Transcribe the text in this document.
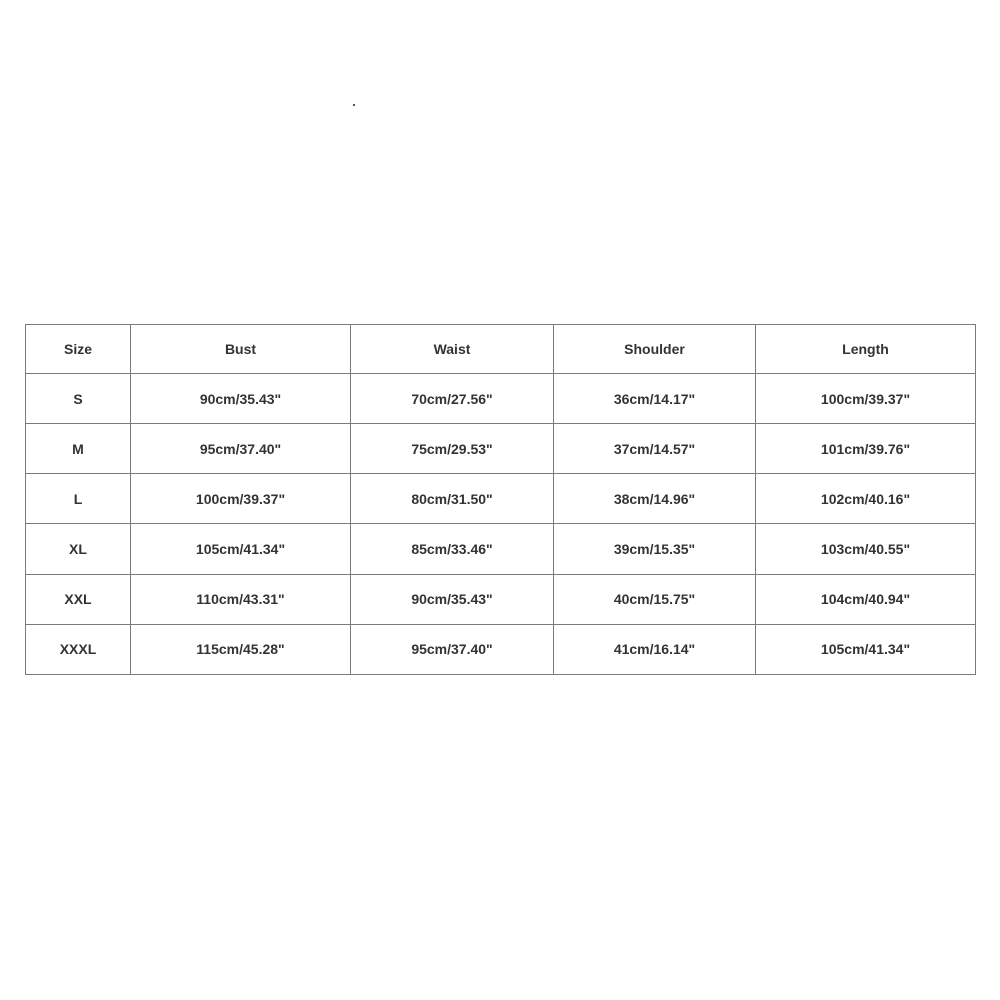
Size	Bust	Waist	Shoulder	Length
S	90cm/35.43"	70cm/27.56"	36cm/14.17"	100cm/39.37"
M	95cm/37.40"	75cm/29.53"	37cm/14.57"	101cm/39.76"
L	100cm/39.37"	80cm/31.50"	38cm/14.96"	102cm/40.16"
XL	105cm/41.34"	85cm/33.46"	39cm/15.35"	103cm/40.55"
XXL	110cm/43.31"	90cm/35.43"	40cm/15.75"	104cm/40.94"
XXXL	115cm/45.28"	95cm/37.40"	41cm/16.14"	105cm/41.34"
